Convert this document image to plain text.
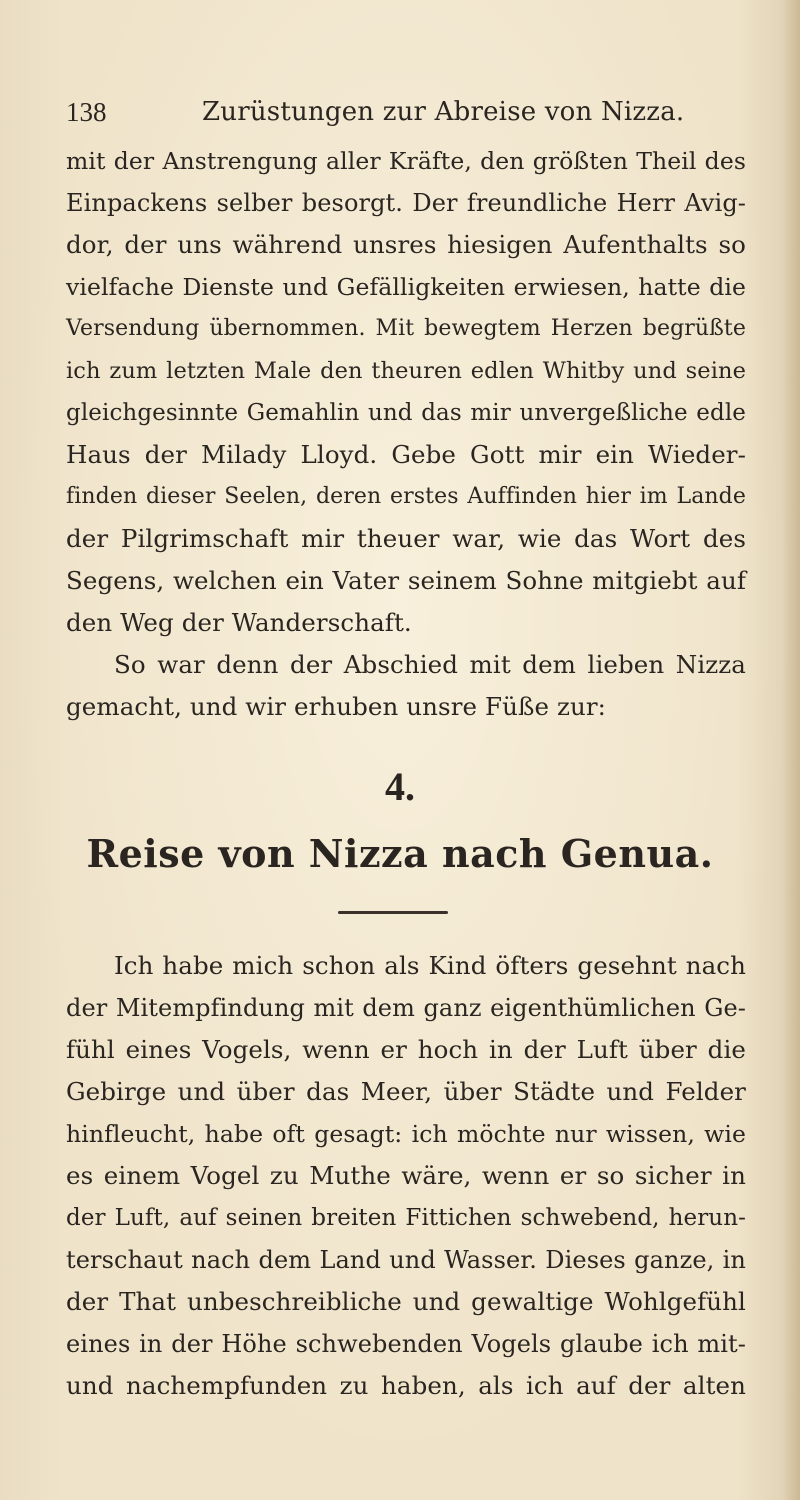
138	Zurüstungen zur Abreise von Nizza.
mit der Anstrengung aller Kräfte, den größten Theil des
Einpackens selber besorgt. Der freundliche Herr Avig-
dor, der uns während unsres hiesigen Aufenthalts so
vielfache Dienste und Gefälligkeiten erwiesen, hatte die
Versendung übernommen. Mit bewegtem Herzen begrüßte
ich zum letzten Male den theuren edlen Whitby und seine
gleichgesinnte Gemahlin und das mir unvergeßliche edle
Haus der Milady Lloyd. Gebe Gott mir ein Wieder-
finden dieser Seelen, deren erstes Auffinden hier im Lande
der Pilgrimschaft mir theuer war, wie das Wort des
Segens, welchen ein Vater seinem Sohne mitgiebt auf
den Weg der Wanderschaft.
So war denn der Abschied mit dem lieben Nizza
gemacht, und wir erhuben unsre Füße zur:
4.
Reise von Nizza nach Genua.
Ich habe mich schon als Kind öfters gesehnt nach
der Mitempfindung mit dem ganz eigenthümlichen Ge-
fühl eines Vogels, wenn er hoch in der Luft über die
Gebirge und über das Meer, über Städte und Felder
hinfleucht, habe oft gesagt: ich möchte nur wissen, wie
es einem Vogel zu Muthe wäre, wenn er so sicher in
der Luft, auf seinen breiten Fittichen schwebend, herun-
terschaut nach dem Land und Wasser. Dieses ganze, in
der That unbeschreibliche und gewaltige Wohlgefühl
eines in der Höhe schwebenden Vogels glaube ich mit-
und nachempfunden zu haben, als ich auf der alten
